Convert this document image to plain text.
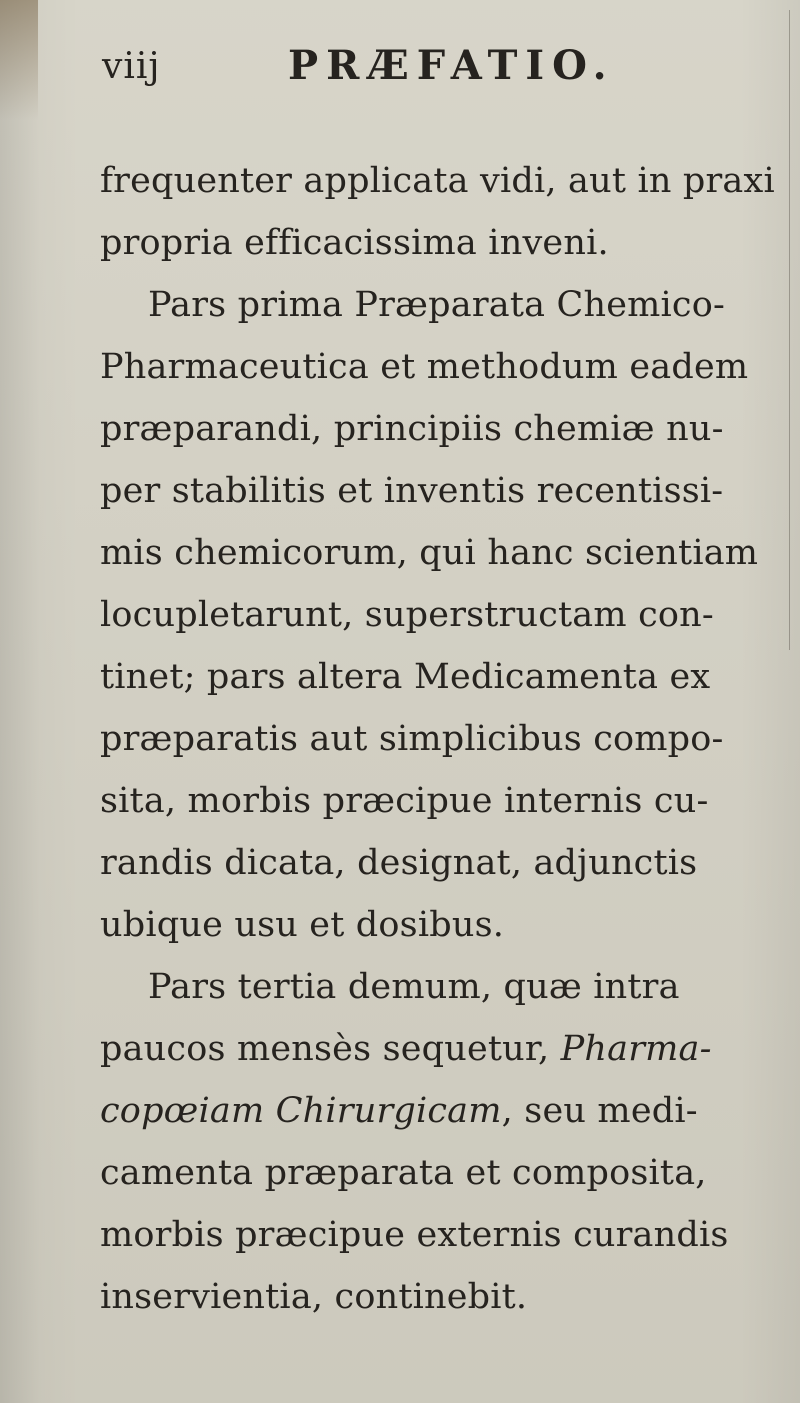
viij	PRÆFATIO.
frequenter applicata vidi, aut in praxi
propria efficacissima inveni.
Pars prima Præparata Chemico-
Pharmaceutica et methodum eadem
præparandi, principiis chemiæ nu-
per stabilitis et inventis recentissi-
mis chemicorum, qui hanc scientiam
locupletarunt, superstructam con-
tinet; pars altera Medicamenta ex
præparatis aut simplicibus compo-
sita, morbis præcipue internis cu-
randis dicata, designat, adjunctis
ubique usu et dosibus.
Pars tertia demum, quæ intra
paucos mensès sequetur, Pharma-
copœiam Chirurgicam, seu medi-
camenta præparata et composita,
morbis præcipue externis curandis
inservientia, continebit.
